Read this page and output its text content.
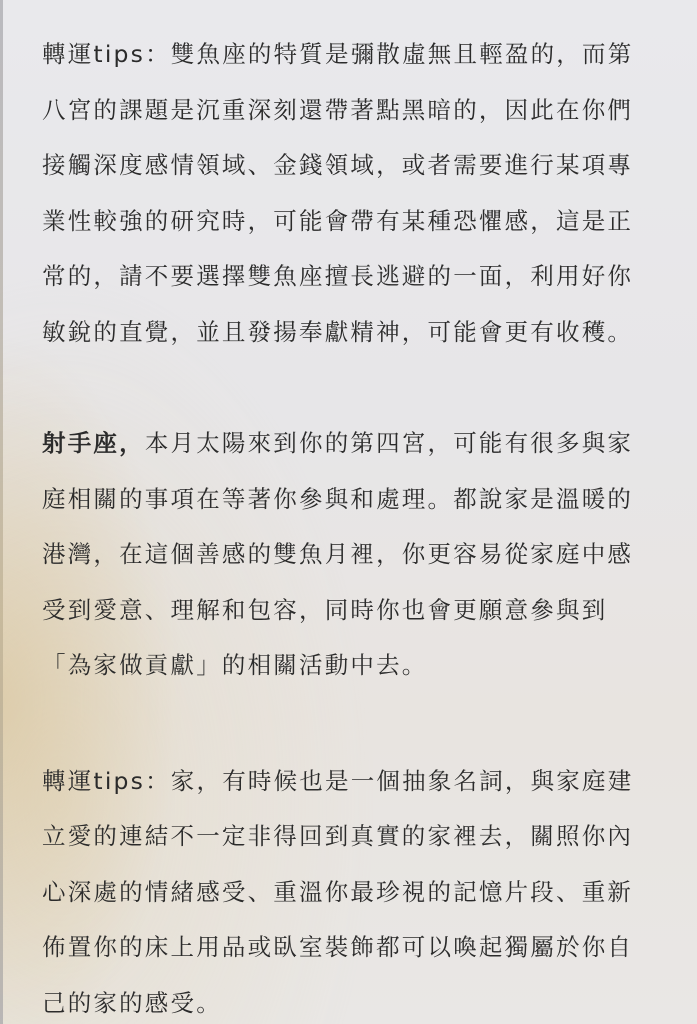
轉運tips：雙魚座的特質是彌散虛無且輕盈的，而第
八宮的課題是沉重深刻還帶著點黑暗的，因此在你們
接觸深度感情領域、金錢領域，或者需要進行某項專
業性較強的研究時，可能會帶有某種恐懼感，這是正
常的，請不要選擇雙魚座擅長逃避的一面，利用好你
敏銳的直覺，並且發揚奉獻精神，可能會更有收穫。

射手座，本月太陽來到你的第四宮，可能有很多與家
庭相關的事項在等著你參與和處理。都說家是溫暖的
港灣，在這個善感的雙魚月裡，你更容易從家庭中感
受到愛意、理解和包容，同時你也會更願意參與到
「為家做貢獻」的相關活動中去。

轉運tips：家，有時候也是一個抽象名詞，與家庭建
立愛的連結不一定非得回到真實的家裡去，關照你內
心深處的情緒感受、重溫你最珍視的記憶片段、重新
佈置你的床上用品或臥室裝飾都可以喚起獨屬於你自
己的家的感受。
